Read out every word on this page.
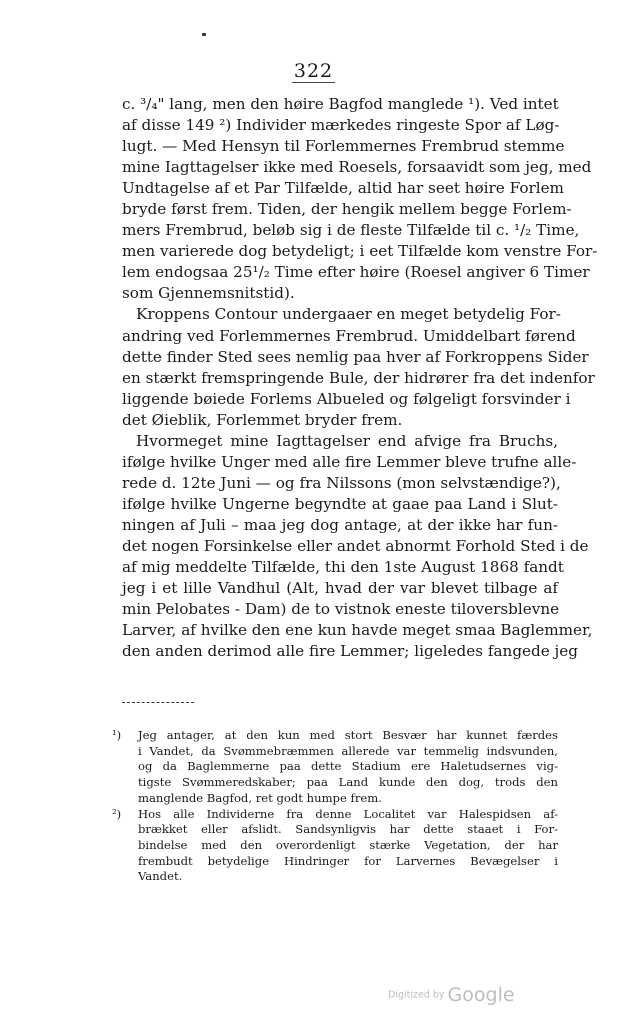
322
c. ³/₄" lang, men den høire Bagfod manglede ¹). Ved intet
af disse 149 ²) Individer mærkedes ringeste Spor af Løg-
lugt. — Med Hensyn til Forlemmernes Frembrud stemme
mine Iagttagelser ikke med Roesels, forsaavidt som jeg, med
Undtagelse af et Par Tilfælde, altid har seet høire Forlem
bryde først frem. Tiden, der hengik mellem begge Forlem-
mers Frembrud, beløb sig i de fleste Tilfælde til c. ¹/₂ Time,
men varierede dog betydeligt; i eet Tilfælde kom venstre For-
lem endogsaa 25¹/₂ Time efter høire (Roesel angiver 6 Timer
som Gjennemsnitstid).
Kroppens Contour undergaaer en meget betydelig For-
andring ved Forlemmernes Frembrud. Umiddelbart førend
dette finder Sted sees nemlig paa hver af Forkroppens Sider
en stærkt fremspringende Bule, der hidrører fra det indenfor
liggende bøiede Forlems Albueled og følgeligt forsvinder i
det Øieblik, Forlemmet bryder frem.
Hvormeget mine Iagttagelser end afvige fra Bruchs,
ifølge hvilke Unger med alle fire Lemmer bleve trufne alle-
rede d. 12te Juni — og fra Nilssons (mon selvstændige?),
ifølge hvilke Ungerne begyndte at gaae paa Land i Slut-
ningen af Juli – maa jeg dog antage, at der ikke har fun-
det nogen Forsinkelse eller andet abnormt Forhold Sted i de
af mig meddelte Tilfælde, thi den 1ste August 1868 fandt
jeg i et lille Vandhul (Alt, hvad der var blevet tilbage af
min Pelobates - Dam) de to vistnok eneste tiloversblevne
Larver, af hvilke den ene kun havde meget smaa Baglemmer,
den anden derimod alle fire Lemmer; ligeledes fangede jeg
¹) Jeg antager, at den kun med stort Besvær har kunnet færdes
i Vandet, da Svømmebræmmen allerede var temmelig indsvunden,
og da Baglemmerne paa dette Stadium ere Haletudsernes vig-
tigste Svømmeredskaber; paa Land kunde den dog, trods den
manglende Bagfod, ret godt humpe frem.
²) Hos alle Individerne fra denne Localitet var Halespidsen af-
brækket eller afslidt. Sandsynligvis har dette staaet i For-
bindelse med den overordenligt stærke Vegetation, der har
frembudt betydelige Hindringer for Larvernes Bevægelser i
Vandet.
Digitized by Google
